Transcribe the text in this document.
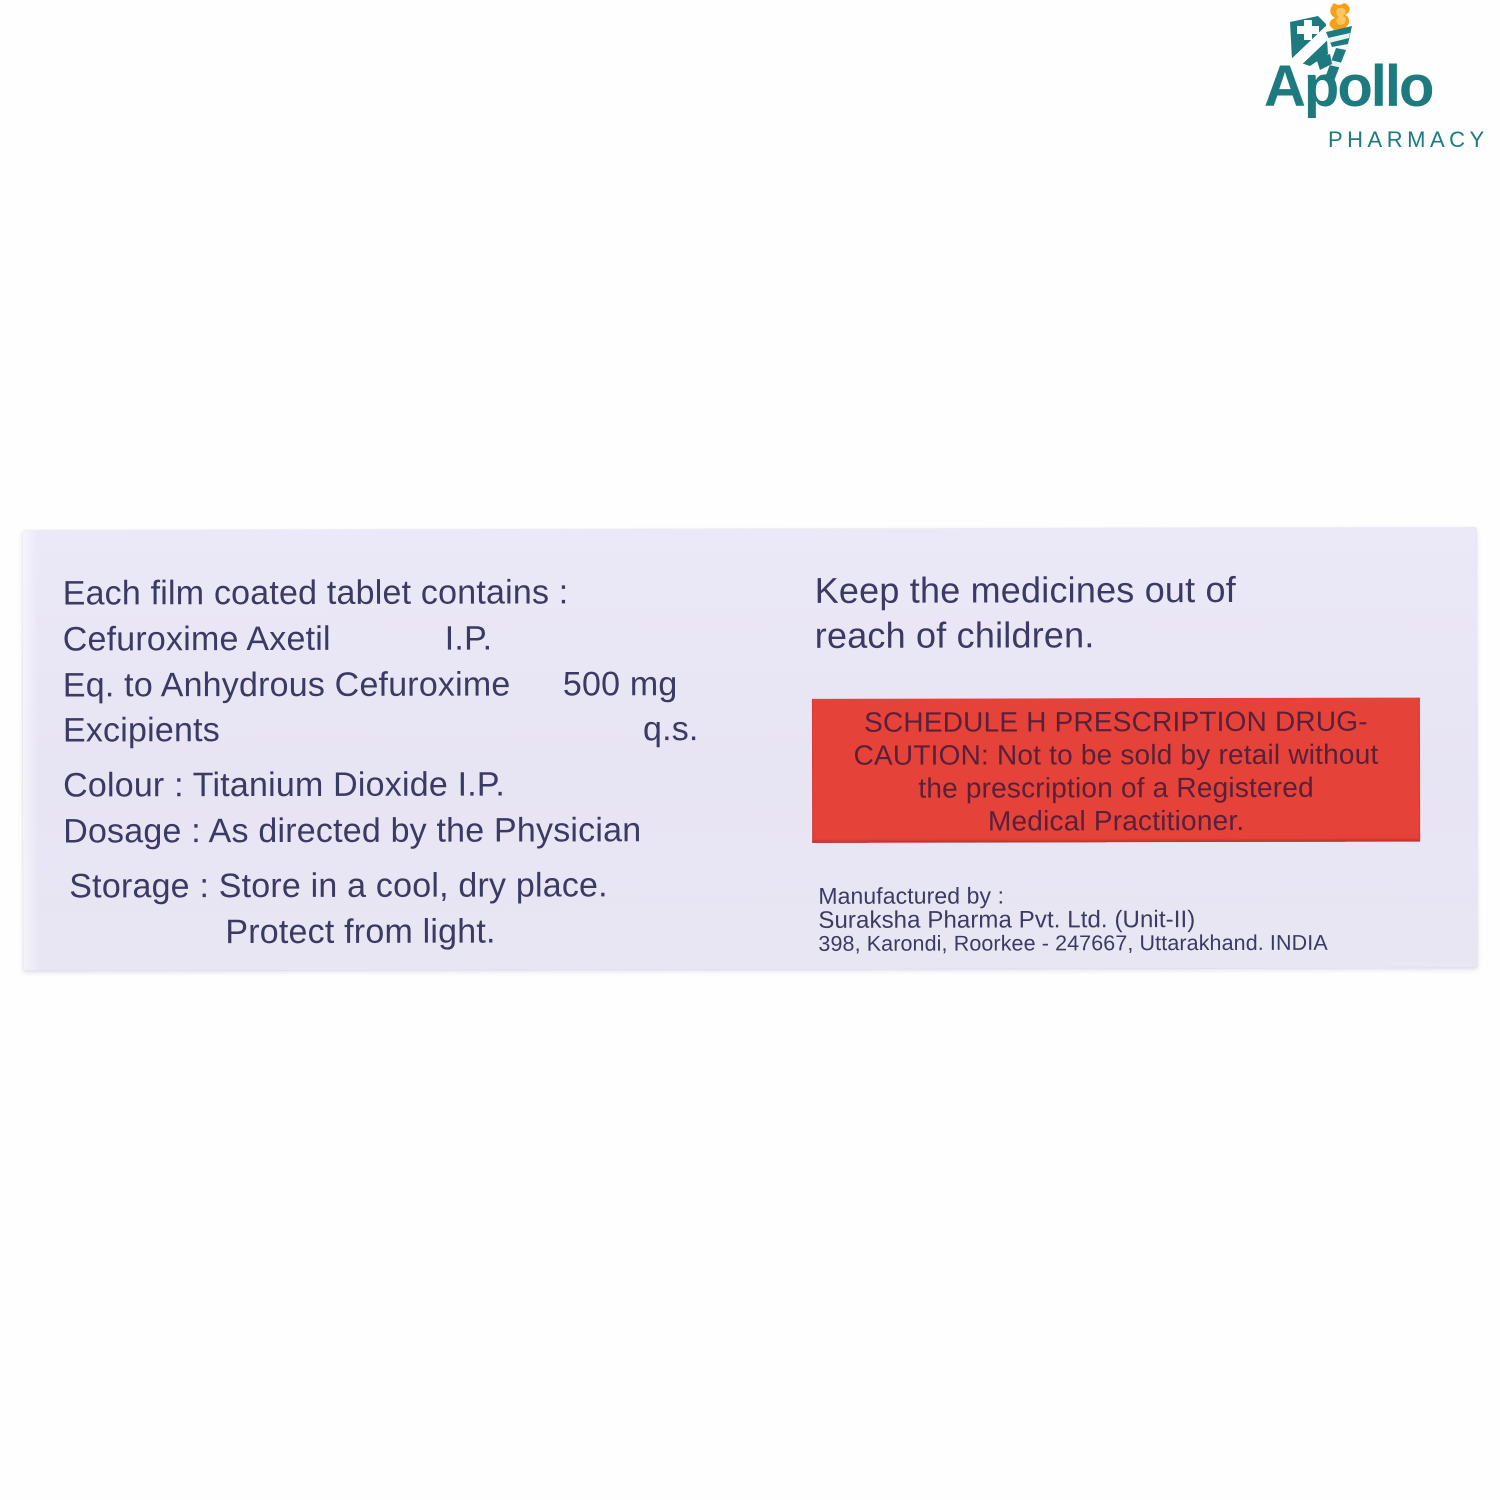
Apollo
PHARMACY
Each film coated tablet contains :
Cefuroxime Axetil	I.P.
Eq. to Anhydrous Cefuroxime 500 mg
Excipients	q.s.
Colour : Titanium Dioxide I.P.
Dosage : As directed by the Physician
Storage : Store in a cool, dry place.
Protect from light.
Keep the medicines out of
reach of children.
SCHEDULE H PRESCRIPTION DRUG-
CAUTION: Not to be sold by retail without
the prescription of a Registered
Medical Practitioner.
Manufactured by :
Suraksha Pharma Pvt. Ltd. (Unit-II)
398, Karondi, Roorkee - 247667, Uttarakhand. INDIA
